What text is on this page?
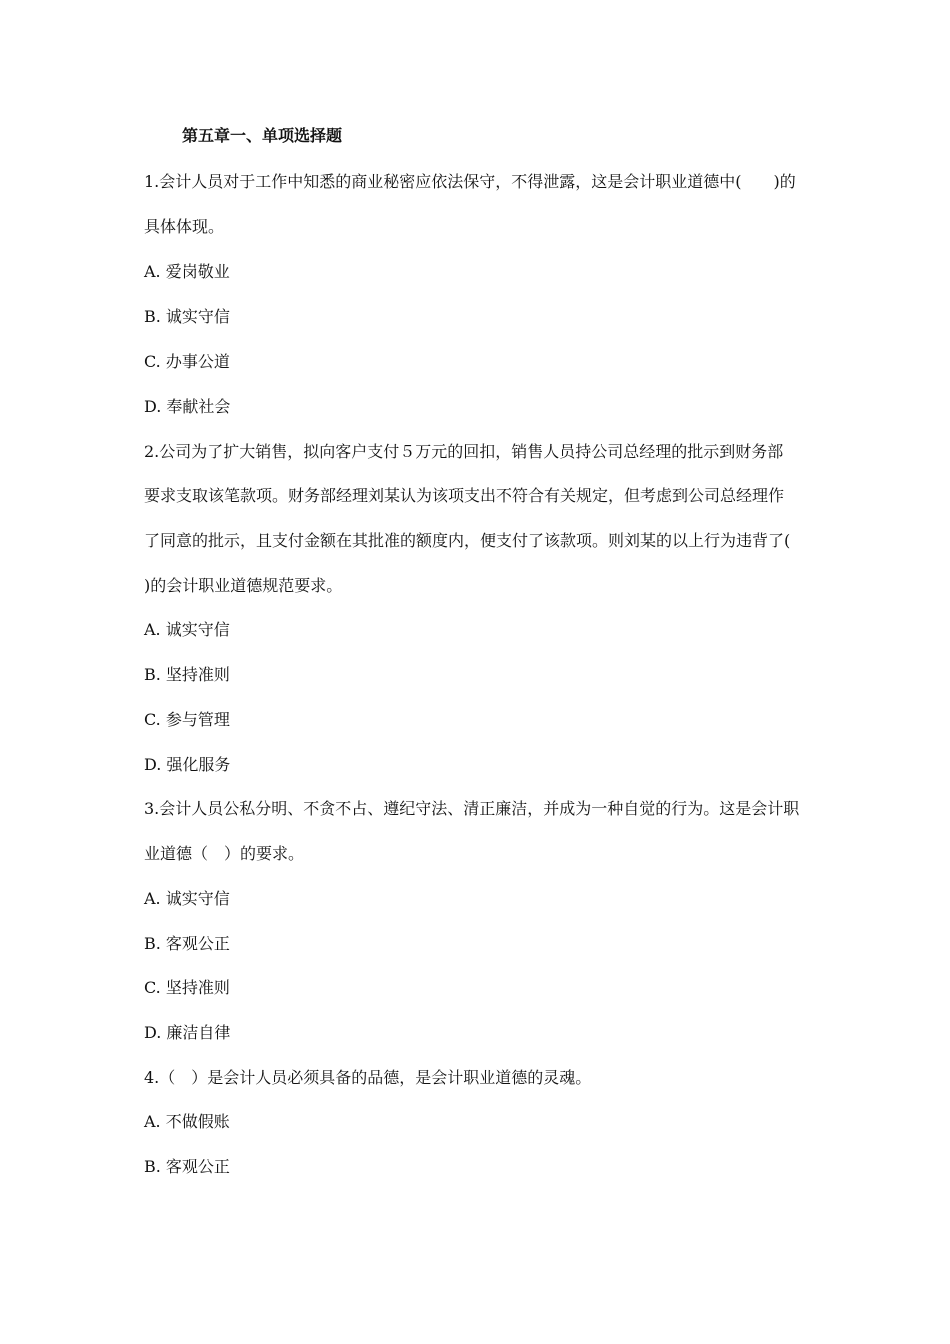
第五章一、单项选择题
1.会计人员对于工作中知悉的商业秘密应依法保守，不得泄露，这是会计职业道德中(　　)的
具体体现。
A. 爱岗敬业
B. 诚实守信
C. 办事公道
D. 奉献社会
2.公司为了扩大销售，拟向客户支付５万元的回扣，销售人员持公司总经理的批示到财务部
要求支取该笔款项。财务部经理刘某认为该项支出不符合有关规定，但考虑到公司总经理作
了同意的批示，且支付金额在其批准的额度内，便支付了该款项。则刘某的以上行为违背了(
)的会计职业道德规范要求。
A. 诚实守信
B. 坚持准则
C. 参与管理
D. 强化服务
3.会计人员公私分明、不贪不占、遵纪守法、清正廉洁，并成为一种自觉的行为。这是会计职
业道德（　）的要求。
A. 诚实守信
B. 客观公正
C. 坚持准则
D. 廉洁自律
4.（　）是会计人员必须具备的品德，是会计职业道德的灵魂。
A. 不做假账
B. 客观公正
